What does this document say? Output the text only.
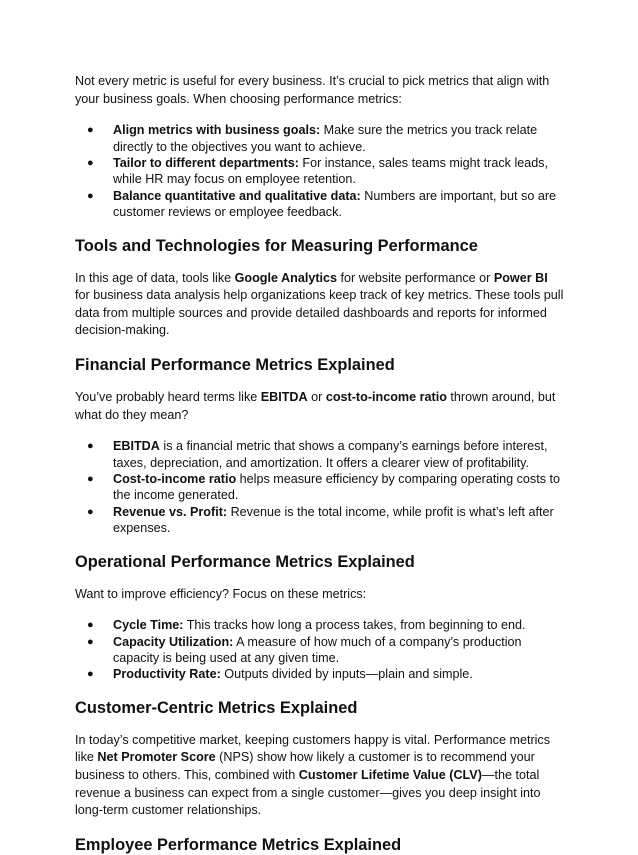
Not every metric is useful for every business. It’s crucial to pick metrics that align with your business goals. When choosing performance metrics:

● Align metrics with business goals: Make sure the metrics you track relate directly to the objectives you want to achieve.
● Tailor to different departments: For instance, sales teams might track leads, while HR may focus on employee retention.
● Balance quantitative and qualitative data: Numbers are important, but so are customer reviews or employee feedback.
Tools and Technologies for Measuring Performance

In this age of data, tools like Google Analytics for website performance or Power BI for business data analysis help organizations keep track of key metrics. These tools pull data from multiple sources and provide detailed dashboards and reports for informed decision-making.

Financial Performance Metrics Explained

You’ve probably heard terms like EBITDA or cost-to-income ratio thrown around, but what do they mean?

● EBITDA is a financial metric that shows a company’s earnings before interest, taxes, depreciation, and amortization. It offers a clearer view of profitability.
● Cost-to-income ratio helps measure efficiency by comparing operating costs to the income generated.
● Revenue vs. Profit: Revenue is the total income, while profit is what’s left after expenses.
Operational Performance Metrics Explained

Want to improve efficiency? Focus on these metrics:

● Cycle Time: This tracks how long a process takes, from beginning to end.
● Capacity Utilization: A measure of how much of a company’s production capacity is being used at any given time.
● Productivity Rate: Outputs divided by inputs—plain and simple.
Customer-Centric Metrics Explained

In today’s competitive market, keeping customers happy is vital. Performance metrics like Net Promoter Score (NPS) show how likely a customer is to recommend your business to others. This, combined with Customer Lifetime Value (CLV)—the total revenue a business can expect from a single customer—gives you deep insight into long-term customer relationships.

Employee Performance Metrics Explained
